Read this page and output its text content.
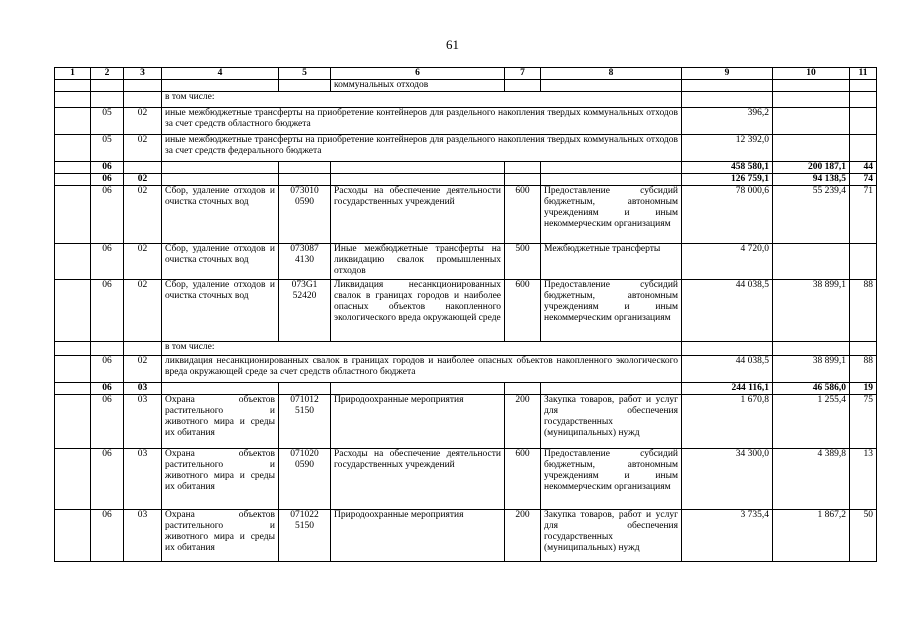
61
1	2	3	4	5	6	7	8	9	10	11
					коммунальных отходов					
			в том числе:							
	05	02	иные межбюджетные трансферты на приобретение контейнеров для раздельного накопления твердых коммунальных отходов за счет средств областного бюджета					396,2		
	05	02	иные межбюджетные трансферты на приобретение контейнеров для раздельного накопления твердых коммунальных отходов за счет средств федерального бюджета					12 392,0		
	06							458 580,1	200 187,1	44
	06	02						126 759,1	94 138,5	74
	06	02	Сбор, удаление отходов и очистка сточных вод	073010 0590	Расходы на обеспечение деятельности государственных учреждений	600	Предоставление субсидий бюджетным, автономным учреждениям и иным некоммерческим организациям	78 000,6	55 239,4	71
	06	02	Сбор, удаление отходов и очистка сточных вод	073087 4130	Иные межбюджетные трансферты на ликвидацию свалок промышленных отходов	500	Межбюджетные трансферты	4 720,0		
	06	02	Сбор, удаление отходов и очистка сточных вод	073G1 52420	Ликвидация несанкционированных свалок в границах городов и наиболее опасных объектов накопленного экологического вреда окружающей среде	600	Предоставление субсидий бюджетным, автономным учреждениям и иным некоммерческим организациям	44 038,5	38 899,1	88
			в том числе:							
	06	02	ликвидация несанкционированных свалок в границах городов и наиболее опасных объектов накопленного экологического вреда окружающей среде за счет средств областного бюджета					44 038,5	38 899,1	88
	06	03						244 116,1	46 586,0	19
	06	03	Охрана объектов растительного и животного мира и среды их обитания	071012 5150	Природоохранные мероприятия	200	Закупка товаров, работ и услуг для обеспечения государственных (муниципальных) нужд	1 670,8	1 255,4	75
	06	03	Охрана объектов растительного и животного мира и среды их обитания	071020 0590	Расходы на обеспечение деятельности государственных учреждений	600	Предоставление субсидий бюджетным, автономным учреждениям и иным некоммерческим организациям	34 300,0	4 389,8	13
	06	03	Охрана объектов растительного и животного мира и среды их обитания	071022 5150	Природоохранные мероприятия	200	Закупка товаров, работ и услуг для обеспечения государственных (муниципальных) нужд	3 735,4	1 867,2	50
